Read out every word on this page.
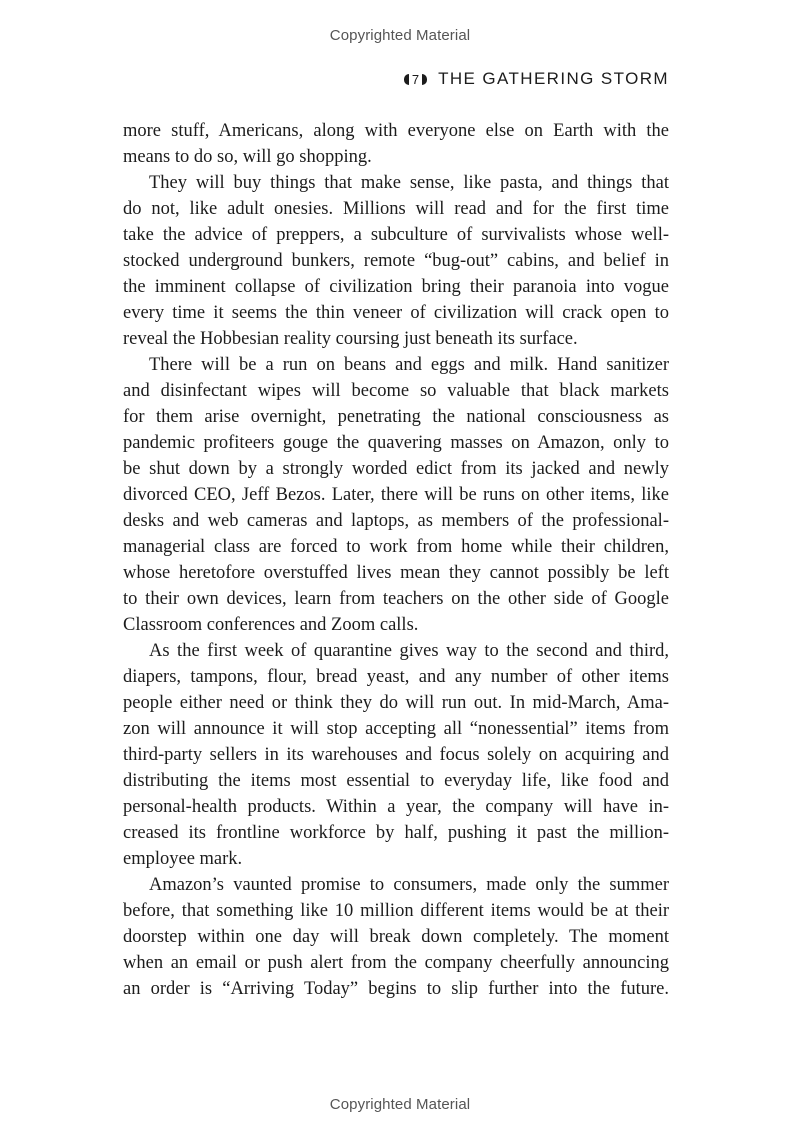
Copyrighted Material
7 THE GATHERING STORM
more stuff, Americans, along with everyone else on Earth with the
means to do so, will go shopping.
They will buy things that make sense, like pasta, and things that
do not, like adult onesies. Millions will read and for the first time
take the advice of preppers, a subculture of survivalists whose well-
stocked underground bunkers, remote “bug-out” cabins, and belief in
the imminent collapse of civilization bring their paranoia into vogue
every time it seems the thin veneer of civilization will crack open to
reveal the Hobbesian reality coursing just beneath its surface.
There will be a run on beans and eggs and milk. Hand sanitizer
and disinfectant wipes will become so valuable that black markets
for them arise overnight, penetrating the national consciousness as
pandemic profiteers gouge the quavering masses on Amazon, only to
be shut down by a strongly worded edict from its jacked and newly
divorced CEO, Jeff Bezos. Later, there will be runs on other items, like
desks and web cameras and laptops, as members of the professional-
managerial class are forced to work from home while their children,
whose heretofore overstuffed lives mean they cannot possibly be left
to their own devices, learn from teachers on the other side of Google
Classroom conferences and Zoom calls.
As the first week of quarantine gives way to the second and third,
diapers, tampons, flour, bread yeast, and any number of other items
people either need or think they do will run out. In mid-March, Ama-
zon will announce it will stop accepting all “nonessential” items from
third-party sellers in its warehouses and focus solely on acquiring and
distributing the items most essential to everyday life, like food and
personal-health products. Within a year, the company will have in-
creased its frontline workforce by half, pushing it past the million-
employee mark.
Amazon’s vaunted promise to consumers, made only the summer
before, that something like 10 million different items would be at their
doorstep within one day will break down completely. The moment
when an email or push alert from the company cheerfully announcing
an order is “Arriving Today” begins to slip further into the future.
Copyrighted Material
